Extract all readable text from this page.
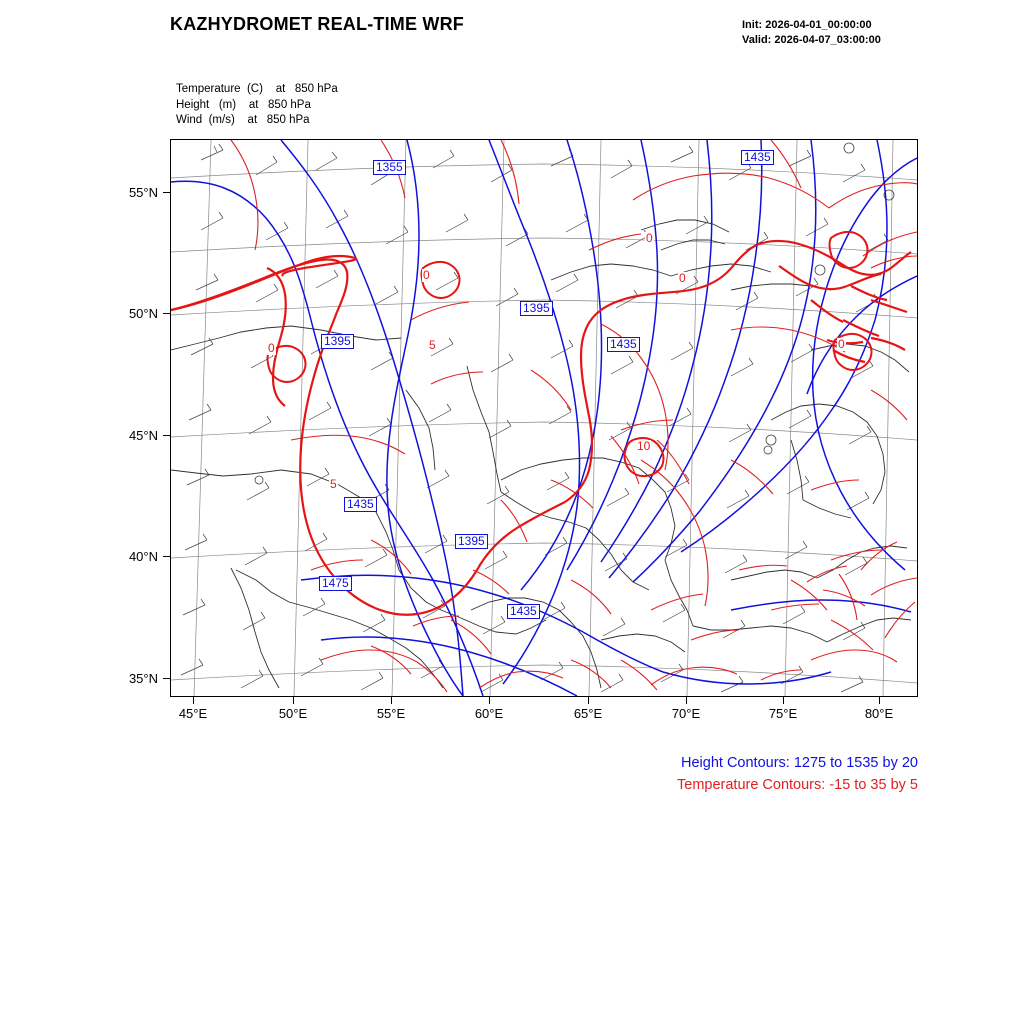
KAZHYDROMET REAL-TIME WRF	Init: 2026-04-01_00:00:00
Valid: 2026-04-07_03:00:00
Temperature  (C)    at   850 hPa
Height   (m)    at   850 hPa
Wind  (m/s)    at   850 hPa
55°N
50°N
45°N
40°N
35°N
45°E	50°E	55°E	60°E	65°E	70°E	75°E	80°E
1355
1435
1395
1395	1435
1435
1395
1475
1435
0
0
0
0	0
5
10
5
Height Contours: 1275 to 1535 by 20
Temperature Contours: -15 to 35 by 5
